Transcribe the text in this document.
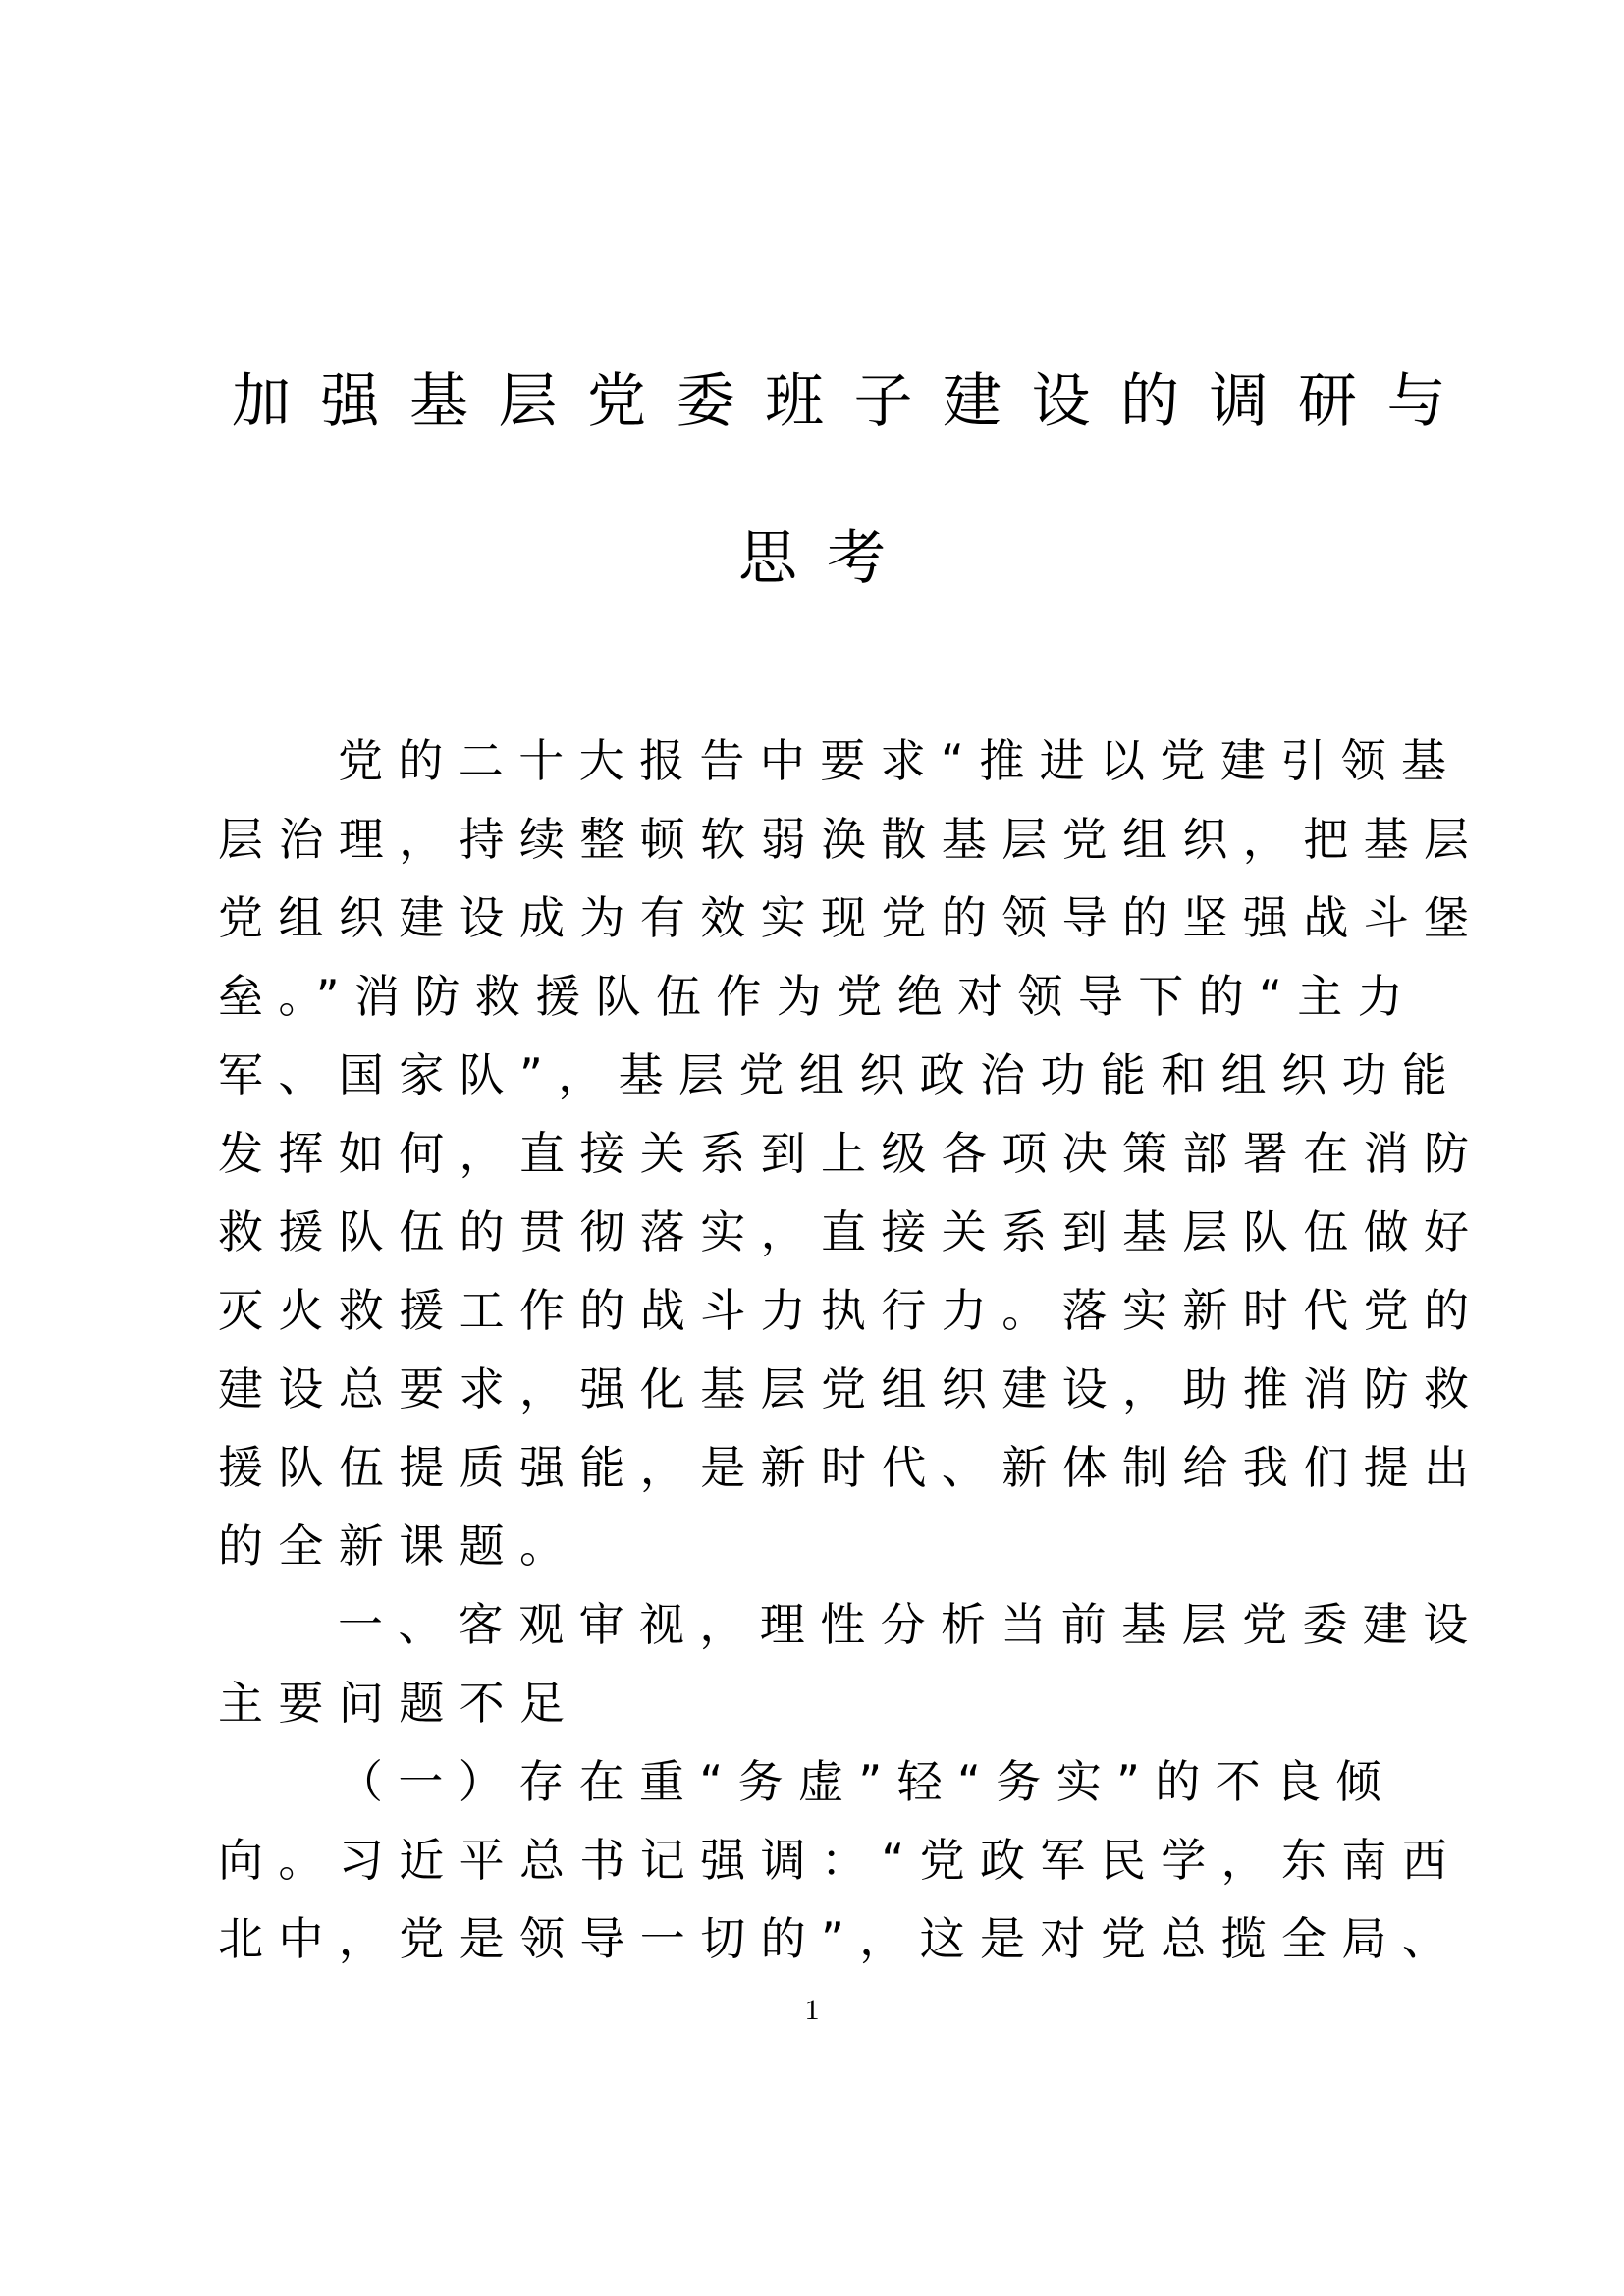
加强基层党委班子建设的调研与
思考
党的二十大报告中要求“推进以党建引领基
层治理，持续整顿软弱涣散基层党组织，把基层
党组织建设成为有效实现党的领导的坚强战斗堡
垒。”消防救援队伍作为党绝对领导下的“主力
军、国家队”，基层党组织政治功能和组织功能
发挥如何，直接关系到上级各项决策部署在消防
救援队伍的贯彻落实，直接关系到基层队伍做好
灭火救援工作的战斗力执行力。落实新时代党的
建设总要求，强化基层党组织建设，助推消防救
援队伍提质强能，是新时代、新体制给我们提出
的全新课题。
一、客观审视，理性分析当前基层党委建设
主要问题不足
（一）存在重“务虚”轻“务实”的不良倾
向。习近平总书记强调：“党政军民学，东南西
北中，党是领导一切的”，这是对党总揽全局、
1
